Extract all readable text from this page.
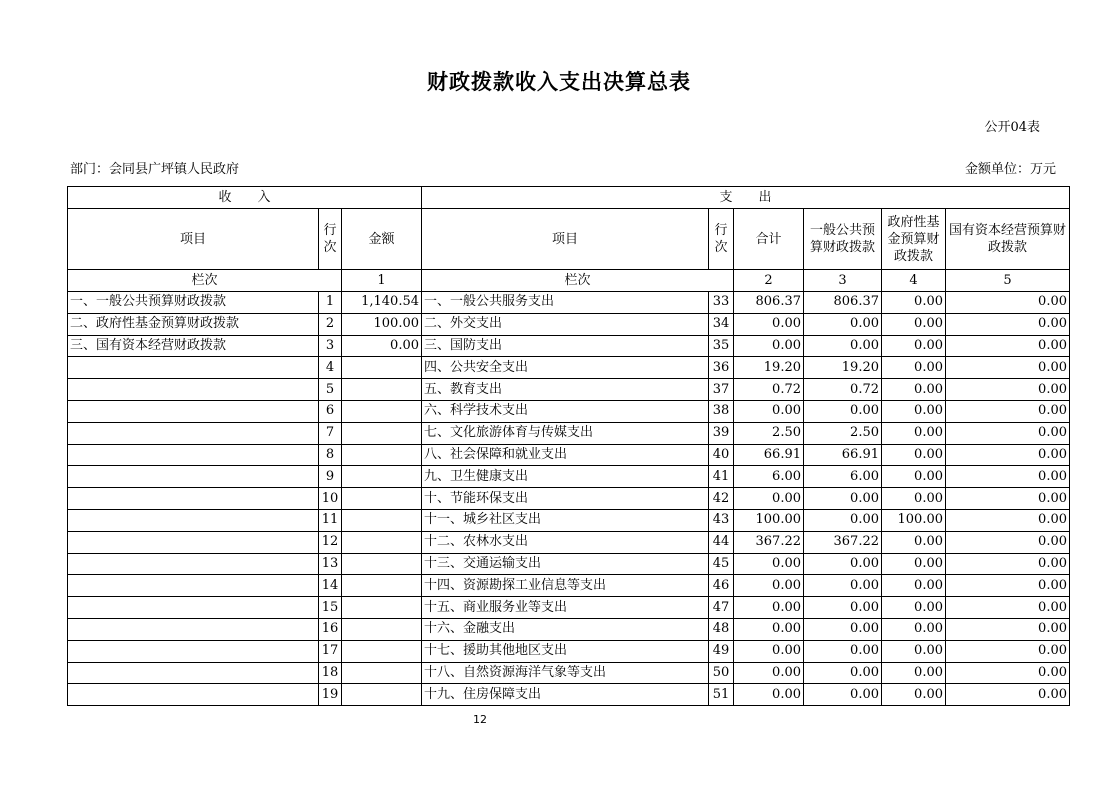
财政拨款收入支出决算总表
公开04表
部门：会同县广坪镇人民政府	金额单位：万元
收　　入			支　　出					
项目	行次	金额	项目	行次	合计	一般公共预算财政拨款	政府性基金预算财政拨款	国有资本经营预算财政拨款
栏次		1	栏次		2	3	4	5
一、一般公共预算财政拨款	1	1,140.54	一、一般公共服务支出	33	806.37	806.37	0.00	0.00
二、政府性基金预算财政拨款	2	100.00	二、外交支出	34	0.00	0.00	0.00	0.00
三、国有资本经营财政拨款	3	0.00	三、国防支出	35	0.00	0.00	0.00	0.00
	4		四、公共安全支出	36	19.20	19.20	0.00	0.00
	5		五、教育支出	37	0.72	0.72	0.00	0.00
	6		六、科学技术支出	38	0.00	0.00	0.00	0.00
	7		七、文化旅游体育与传媒支出	39	2.50	2.50	0.00	0.00
	8		八、社会保障和就业支出	40	66.91	66.91	0.00	0.00
	9		九、卫生健康支出	41	6.00	6.00	0.00	0.00
	10		十、节能环保支出	42	0.00	0.00	0.00	0.00
	11		十一、城乡社区支出	43	100.00	0.00	100.00	0.00
	12		十二、农林水支出	44	367.22	367.22	0.00	0.00
	13		十三、交通运输支出	45	0.00	0.00	0.00	0.00
	14		十四、资源勘探工业信息等支出	46	0.00	0.00	0.00	0.00
	15		十五、商业服务业等支出	47	0.00	0.00	0.00	0.00
	16		十六、金融支出	48	0.00	0.00	0.00	0.00
	17		十七、援助其他地区支出	49	0.00	0.00	0.00	0.00
	18		十八、自然资源海洋气象等支出	50	0.00	0.00	0.00	0.00
	19		十九、住房保障支出	51	0.00	0.00	0.00	0.00
12
